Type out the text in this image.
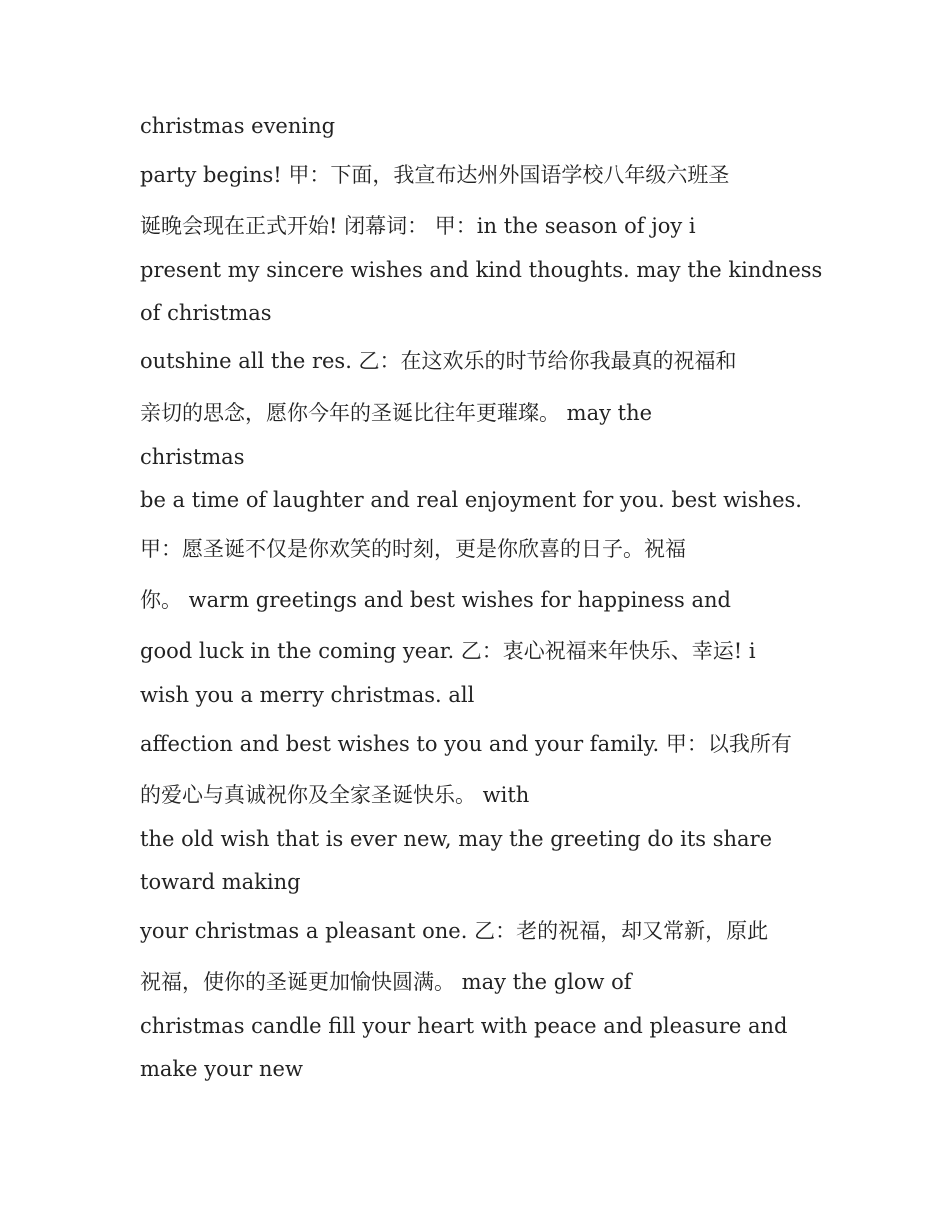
christmas evening
party begins! 甲：下面，我宣布达州外国语学校八年级六班圣
诞晚会现在正式开始! 闭幕词： 甲：in the season of joy i
present my sincere wishes and kind thoughts. may the kindness
of christmas
outshine all the res. 乙：在这欢乐的时节给你我最真的祝福和
亲切的思念，愿你今年的圣诞比往年更璀璨。 may the
christmas
be a time of laughter and real enjoyment for you. best wishes.
甲：愿圣诞不仅是你欢笑的时刻，更是你欣喜的日子。祝福
你。 warm greetings and best wishes for happiness and
good luck in the coming year. 乙：衷心祝福来年快乐、幸运! i
wish you a merry christmas. all
affection and best wishes to you and your family. 甲：以我所有
的爱心与真诚祝你及全家圣诞快乐。 with
the old wish that is ever new, may the greeting do its share
toward making
your christmas a pleasant one. 乙：老的祝福，却又常新，原此
祝福，使你的圣诞更加愉快圆满。 may the glow of
christmas candle fill your heart with peace and pleasure and
make your new
